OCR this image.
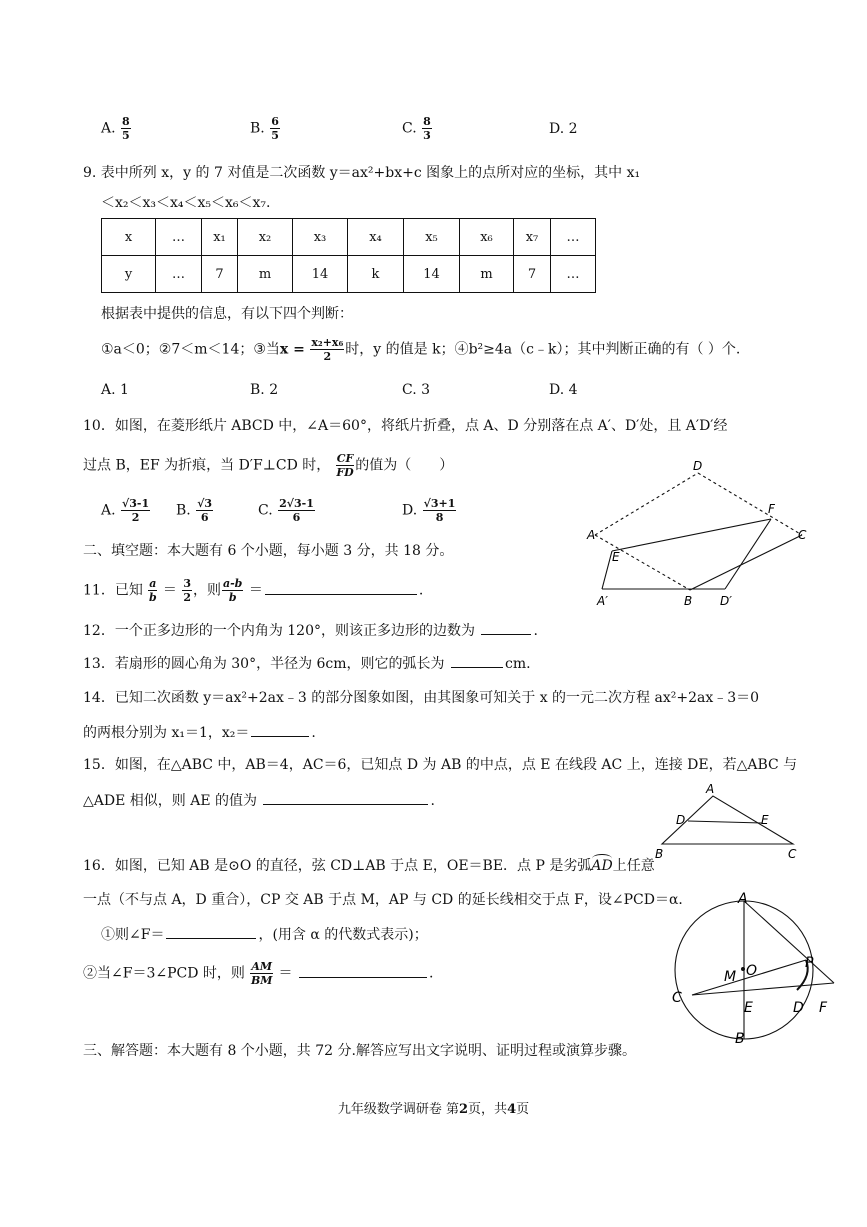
A. $\frac{8}{5}$	B. $\frac{6}{5}$	C. $\frac{8}{3}$	D. 2
9. 表中所列 x，y 的 7 对值是二次函数 y＝ax²+bx+c 图象上的点所对应的坐标，其中 x₁
＜x₂＜x₃＜x₄＜x₅＜x₆＜x₇.
x	…	x₁	x₂	x₃	x₄	x₅	x₆	x₇	…
y	…	7	m	14	k	14	m	7	…
根据表中提供的信息，有以下四个判断：
①a＜0；②7＜m＜14；③当$x = \frac{\text{x₂+x₆}}{2}$ 时，y 的值是 k；④b²≥4a（c﹣k）；其中判断正确的有（ ）个.
A. 1	B. 2	C. 3	D. 4
10．如图，在菱形纸片 ABCD 中，∠A＝60°，将纸片折叠，点 A、D 分别落在点 A′、D′处，且 A′D′经
过点 B，EF 为折痕，当 D′F⊥CD 时， $\frac{CF}{FD}$ 的值为（　　）
A. $\frac{√3-1}{2} B$. $\frac{√3}{6}$	C. $\frac{2√3-1}{6}$	D. $\frac{√3+1}{8}$
A
D
C
F
E
A′	B D′
二、填空题：本大题有 6 个小题，每小题 3 分，共 18 分。
11．已知 $\frac{a}{b} = \frac{3}{2}$ ，则 $\frac{a-b}{b}$ ＝	.
12．一个正多边形的一个内角为 120°，则该正多边形的边数为	.
13．若扇形的圆心角为 30°，半径为 6cm，则它的弧长为	cm.
14．已知二次函数 y＝ax²+2ax﹣3 的部分图象如图，由其图象可知关于 x 的一元二次方程 ax²+2ax﹣3＝0
的两根分别为 x₁＝1，x₂＝	.
15．如图，在△ABC 中，AB＝4，AC＝6，已知点 D 为 AB 的中点，点 E 在线段 AC 上，连接 DE，若△ABC 与
△ADE 相似，则 AE 的值为	.
A
B	C
D	E
16．如图，已知 AB 是⊙O 的直径，弦 CD⊥AB 于点 E，OE＝BE．点 P 是劣弧AD上任意
一点（不与点 A，D 重合），CP 交 AB 于点 M，AP 与 CD 的延长线相交于点 F，设∠PCD＝α．
①则∠F＝	，(用含 α 的代数式表示)；
②当∠F＝3∠PCD 时，则 $\frac{AM}{BM}$ ＝	.
A
B
C
D
E	F
M O	P
三、解答题：本大题有 8 个小题，共 72 分.解答应写出文字说明、证明过程或演算步骤。
九年级数学调研卷 第2页，共4页
